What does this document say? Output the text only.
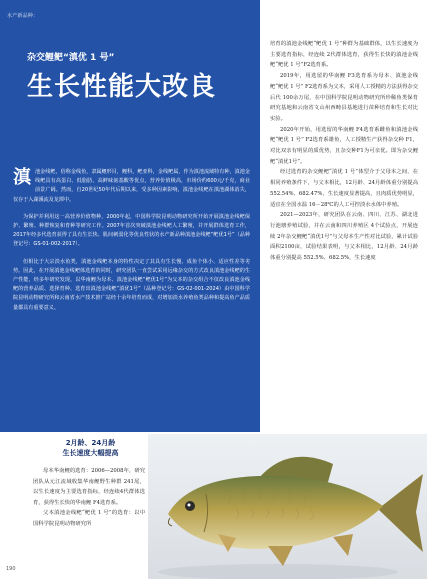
水产新品种：
杂交鲤鲃“滇优 1 号”
生长性能大改良

滇池金线鲃，俗称金线鱼，隶属鲤形目，鲤科，鲃亚科，金线鲃属，作为滇池流域特有种，滇池金线鲃具有高蛋白、低脂肪、高鲜味氨基酸等优点，营养价值极高，市场价约600元/千克，商业前景广阔。然而，自20世纪50年代后期以来，受多种因素影响，滇池金线鲃在滇池湖体消失，仅存于入湖溪流及龙潭中。

为保护并利用这一高营养价值物种，2000年起，中国科学院昆明动物研究所开始开展滇池金线鲃保护、繁殖、种群恢复和育种等研究工作。2007年首次突破滇池金线鲃人工繁殖，并开展群体选育工作，2017年经多代选育获得了具有生长快、肌间刺弱化等优良性状的水产新品种滇池金线鲃“鲃优1号”（品种登记号：GS-01-002-2017）。

但相比于大宗淡水鱼类，滇池金线鲃本身的特性决定了其具有生长慢、成鱼个体小、适应性差等劣势。因此，在开展滇池金线鲃体选育的同时，研究团队一直尝试采用远缘杂交的方式改良滇池金线鲃的生产性能，经多年研究发现，以华南鲤为母本、滇池金线鲃“鲃优1号”为父本的杂交组合不仅改良滇池金线鲃的营养品质、选择育种、选育出滇池金线鲃“滇优1号”（品种登记号：GS-02-001-2024）由中国科学院昆明动物研究所和云南省水产技术推广站经十余年培育而成，对增加淡水养殖鱼类品种和提高鱼产品质量都具有重要意义。

培育的滇池金线鲃“鲃优 1 号”种群为基础群体，以生长速度为主要选育指标，经连续 2代群体选育，获得生长快的滇池金线鲃“鲃优 1 号”F2选育系。

2019年，用选留的华南鲤 F3选育系为母本、滇池金线鲃“鲃优 1 号” F2选育系为父本，采用人工授精的方法获得杂交后代 100余万尾，在中国科学院昆明动物研究所珍稀鱼类保育研究基地和云南省文山州西畴县基地进行苗种培育和生长对比实验。

2020年开始，用选留的华南鲤 F4选育系雌鱼和滇池金线鲃“鲃优 1 号” F2选育系雄鱼，人工授精生产获得杂交种 F1，对比双亲有明显的质优势，且杂交种F1为可亲优。即为杂交鲤鲃“滇优1号”。

经过选育的杂交鲤鲃“滇优 1 号”体型介于父母本之间，在相同养殖条件下，与父本相比，12月龄、24月龄体重分别提高 552.54%、682.47%，生长速度显著提高，且肉质优势明显，适宜在全国水温 16－28℃的人工可控淡水水体中养殖。

2021—2023年，研究团队在云南、四川、江苏、湖北进行池塘养殖试验，并在云南和四川养殖区 4个试验点，开展连续 2年杂交鲤鲃“滇优1号”与父母本生产性对比试验，累计试验面积2100亩，试验结果表明，与父本相比，12月龄、24月龄体重分别提高 552.5%、682.5%，生长速度

2月龄、24月龄
生长速度大幅提高

母本华南鲤的选育：2006—2008年，研究团队从元江流域收集华南鲤野生种群 241尾，以生长速度为主要选育指标，经连续4代群体选育，获得生长快的华南鲤 F4选育系。

父本滇池金线鲃“鲃优 1 号”的选育：以中国科学院昆明动物研究所

190
